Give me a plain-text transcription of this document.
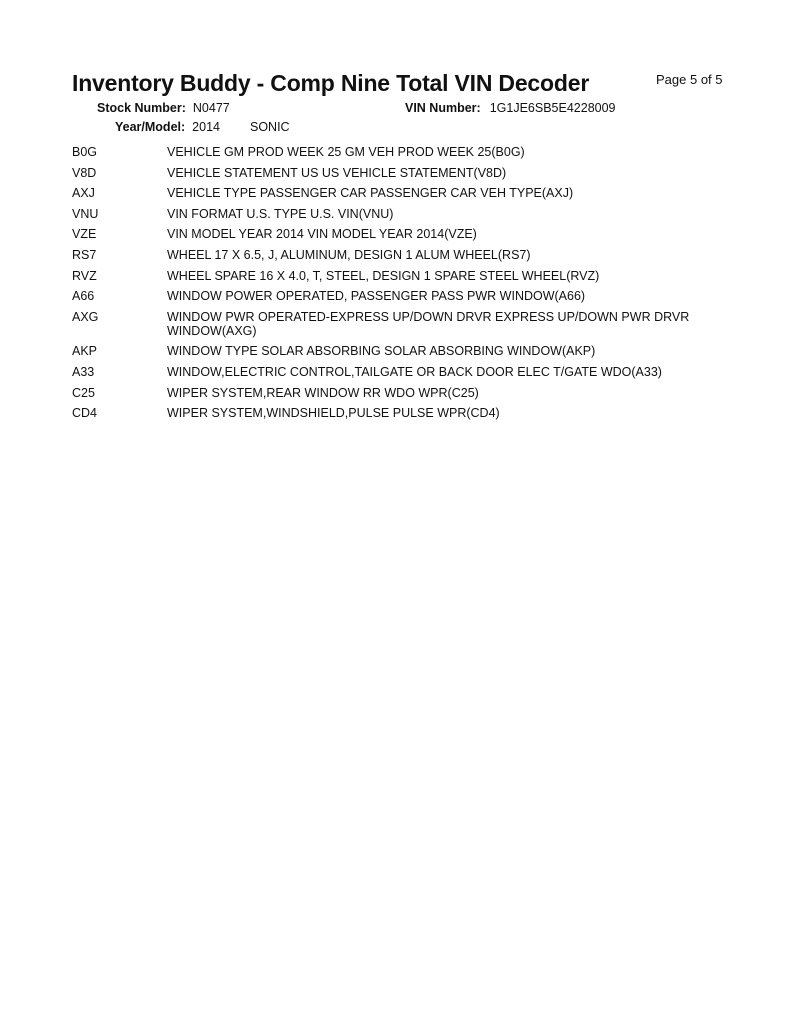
Inventory Buddy - Comp Nine Total VIN Decoder	Page 5 of 5
Stock Number: N0477	VIN Number: 1G1JE6SB5E4228009
Year/Model: 2014 SONIC
B0G	VEHICLE GM PROD WEEK 25 GM VEH PROD WEEK 25(B0G)
V8D	VEHICLE STATEMENT US US VEHICLE STATEMENT(V8D)
AXJ	VEHICLE TYPE PASSENGER CAR PASSENGER CAR VEH TYPE(AXJ)
VNU	VIN FORMAT U.S. TYPE U.S. VIN(VNU)
VZE	VIN MODEL YEAR 2014 VIN MODEL YEAR 2014(VZE)
RS7	WHEEL 17 X 6.5, J, ALUMINUM, DESIGN 1 ALUM WHEEL(RS7)
RVZ	WHEEL SPARE 16 X 4.0, T, STEEL, DESIGN 1 SPARE STEEL WHEEL(RVZ)
A66	WINDOW POWER OPERATED, PASSENGER PASS PWR WINDOW(A66)
AXG	WINDOW PWR OPERATED-EXPRESS UP/DOWN DRVR EXPRESS UP/DOWN PWR DRVR WINDOW(AXG)
AKP	WINDOW TYPE SOLAR ABSORBING SOLAR ABSORBING WINDOW(AKP)
A33	WINDOW,ELECTRIC CONTROL,TAILGATE OR BACK DOOR ELEC T/GATE WDO(A33)
C25	WIPER SYSTEM,REAR WINDOW RR WDO WPR(C25)
CD4	WIPER SYSTEM,WINDSHIELD,PULSE PULSE WPR(CD4)
